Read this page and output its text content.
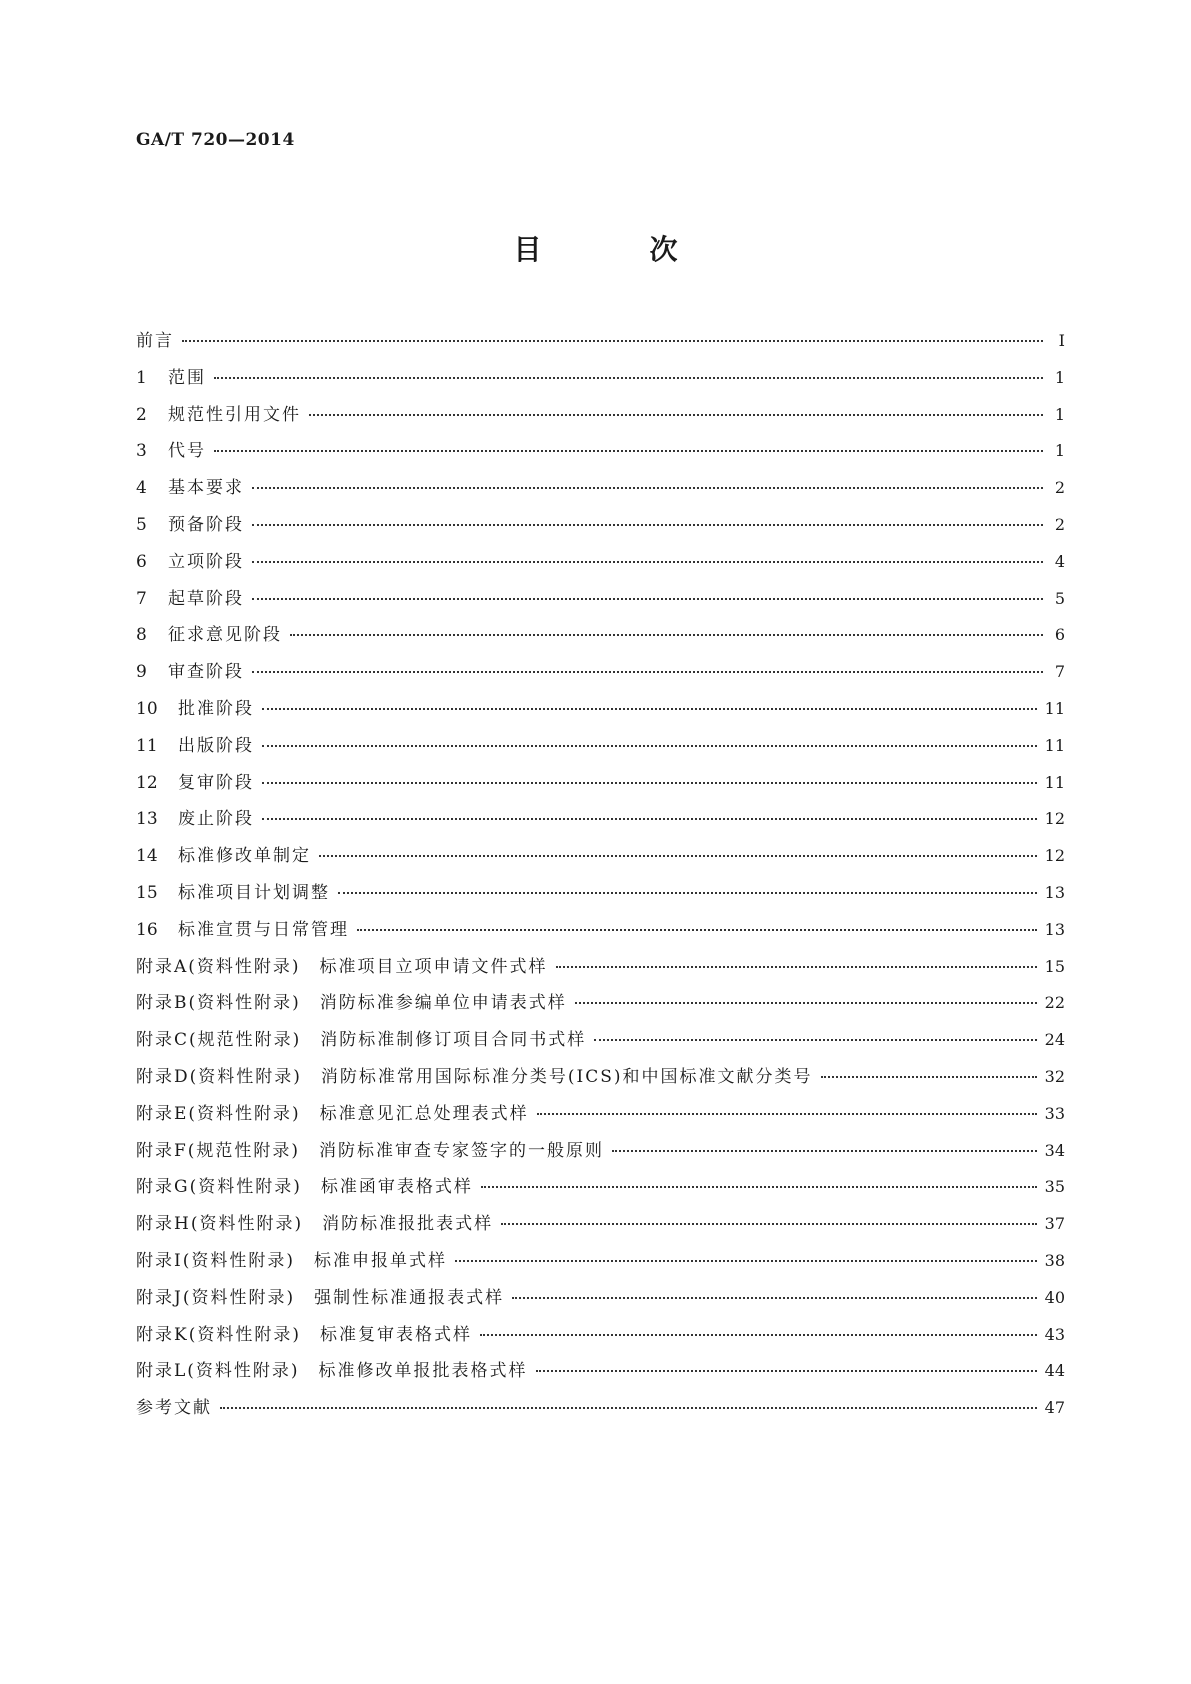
GA/T 720—2014
目　次
前言	Ⅰ
1	范围	1
2	规范性引用文件	1
3	代号	1
4	基本要求	2
5	预备阶段	2
6	立项阶段	4
7	起草阶段	5
8	征求意见阶段	6
9	审查阶段	7
10	批准阶段	11
11	出版阶段	11
12	复审阶段	11
13	废止阶段	12
14	标准修改单制定	12
15	标准项目计划调整	13
16	标准宣贯与日常管理	13
附录A(资料性附录)　标准项目立项申请文件式样	15
附录B(资料性附录)　消防标准参编单位申请表式样	22
附录C(规范性附录)　消防标准制修订项目合同书式样	24
附录D(资料性附录)　消防标准常用国际标准分类号(ICS)和中国标准文献分类号	32
附录E(资料性附录)　标准意见汇总处理表式样	33
附录F(规范性附录)　消防标准审查专家签字的一般原则	34
附录G(资料性附录)　标准函审表格式样	35
附录H(资料性附录)　消防标准报批表式样	37
附录I(资料性附录)　标准申报单式样	38
附录J(资料性附录)　强制性标准通报表式样	40
附录K(资料性附录)　标准复审表格式样	43
附录L(资料性附录)　标准修改单报批表格式样	44
参考文献	47
